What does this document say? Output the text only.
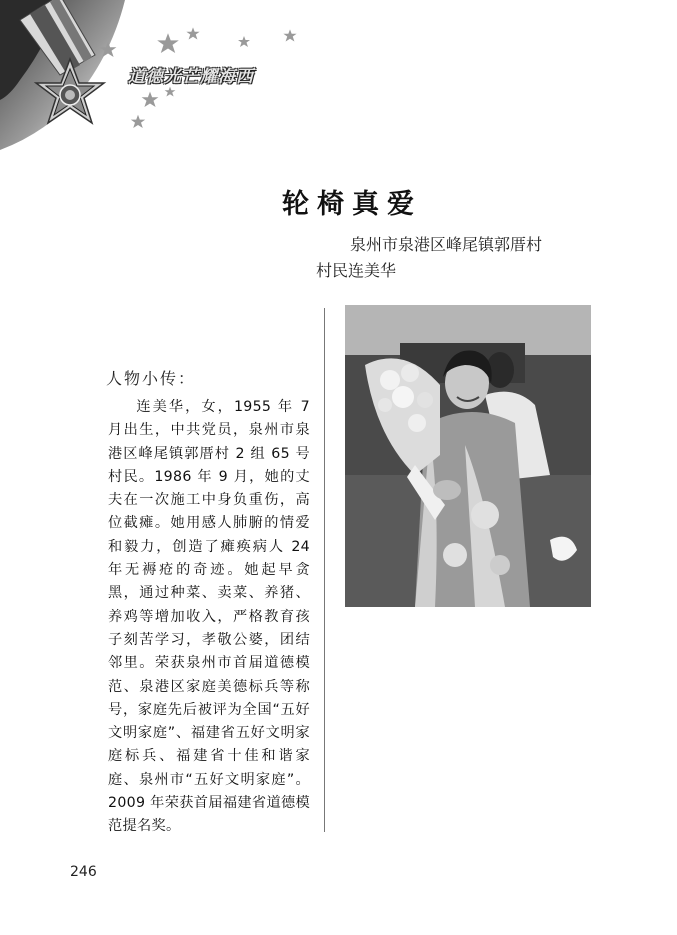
道德光芒耀海西
轮椅真爱
泉州市泉港区峰尾镇郭厝村
村民连美华
人物小传：

连美华，女，1955 年 7 月出生，中共党员，泉州市泉港区峰尾镇郭厝村 2 组 65 号村民。1986 年 9 月，她的丈夫在一次施工中身负重伤，高位截瘫。她用感人肺腑的情爱和毅力，创造了瘫痪病人 24 年无褥疮的奇迹。她起早贪黑，通过种菜、卖菜、养猪、养鸡等增加收入，严格教育孩子刻苦学习，孝敬公婆，团结邻里。荣获泉州市首届道德模范、泉港区家庭美德标兵等称号，家庭先后被评为全国“五好文明家庭”、福建省五好文明家庭标兵、福建省十佳和谐家庭、泉州市“五好文明家庭”。2009 年荣获首届福建省道德模范提名奖。

246
